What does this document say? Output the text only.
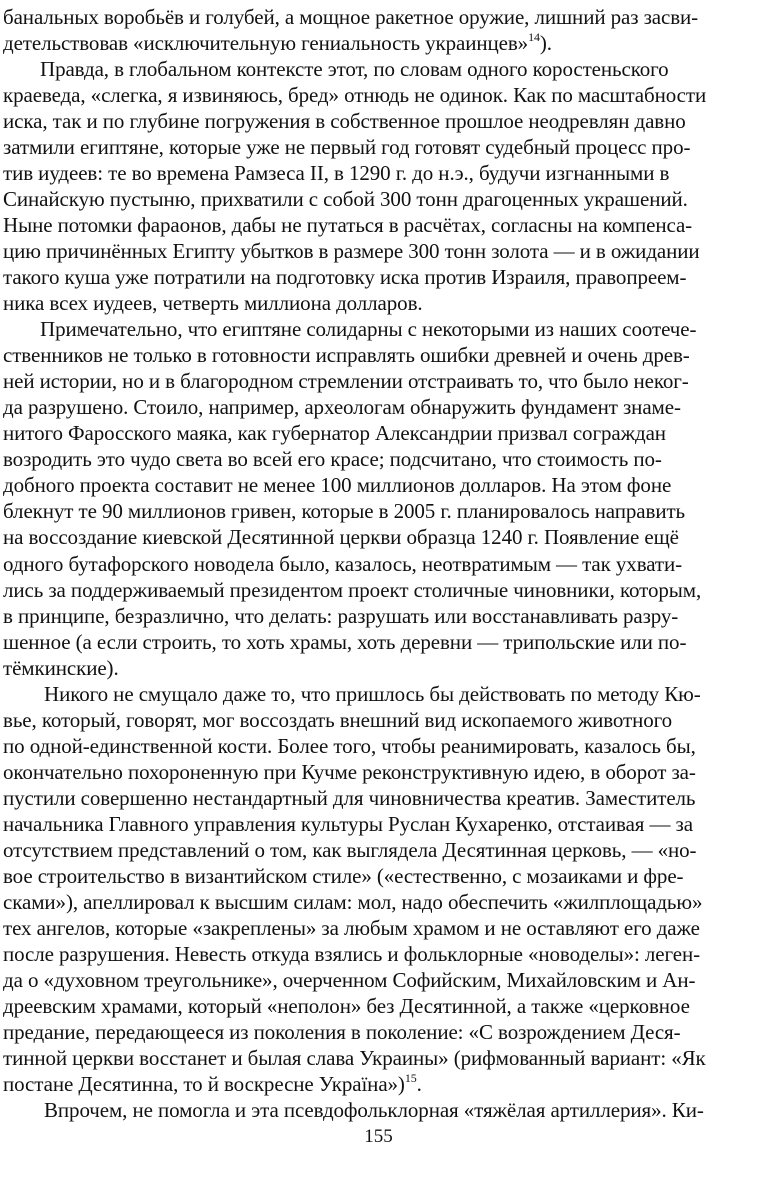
банальных воробьёв и голубей, а мощное ракетное оружие, лишний раз засви-
детельствовав «исключительную гениальность украинцев»$^{14}$).
Правда, в глобальном контексте этот, по словам одного коростеньского
краеведа, «слегка, я извиняюсь, бред» отнюдь не одинок. Как по масштабности
иска, так и по глубине погружения в собственное прошлое неодревлян давно
затмили египтяне, которые уже не первый год готовят судебный процесс про-
тив иудеев: те во времена Рамзеса II, в 1290 г. до н.э., будучи изгнанными в
Синайскую пустыню, прихватили с собой 300 тонн драгоценных украшений.
Ныне потомки фараонов, дабы не путаться в расчётах, согласны на компенса-
цию причинённых Египту убытков в размере 300 тонн золота — и в ожидании
такого куша уже потратили на подготовку иска против Израиля, правопреем-
ника всех иудеев, четверть миллиона долларов.
Примечательно, что египтяне солидарны с некоторыми из наших соотече-
ственников не только в готовности исправлять ошибки древней и очень древ-
ней истории, но и в благородном стремлении отстраивать то, что было неког-
да разрушено. Стоило, например, археологам обнаружить фундамент знаме-
нитого Фаросского маяка, как губернатор Александрии призвал сограждан
возродить это чудо света во всей его красе; подсчитано, что стоимость по-
добного проекта составит не менее 100 миллионов долларов. На этом фоне
блекнут те 90 миллионов гривен, которые в 2005 г. планировалось направить
на воссоздание киевской Десятинной церкви образца 1240 г. Появление ещё
одного бутафорского новодела было, казалось, неотвратимым — так ухвати-
лись за поддерживаемый президентом проект столичные чиновники, которым,
в принципе, безразлично, что делать: разрушать или восстанавливать разру-
шенное (а если строить, то хоть храмы, хоть деревни — трипольские или по-
тёмкинские).
Никого не смущало даже то, что пришлось бы действовать по методу Кю-
вье, который, говорят, мог воссоздать внешний вид ископаемого животного
по одной-единственной кости. Более того, чтобы реанимировать, казалось бы,
окончательно похороненную при Кучме реконструктивную идею, в оборот за-
пустили совершенно нестандартный для чиновничества креатив. Заместитель
начальника Главного управления культуры Руслан Кухаренко, отстаивая — за
отсутствием представлений о том, как выглядела Десятинная церковь, — «но-
вое строительство в византийском стиле» («естественно, с мозаиками и фре-
сками»), апеллировал к высшим силам: мол, надо обеспечить «жилплощадью»
тех ангелов, которые «закреплены» за любым храмом и не оставляют его даже
после разрушения. Невесть откуда взялись и фольклорные «новоделы»: леген-
да о «духовном треугольнике», очерченном Софийским, Михайловским и Ан-
дреевским храмами, который «неполон» без Десятинной, а также «церковное
предание, передающееся из поколения в поколение: «С возрождением Деся-
тинной церкви восстанет и былая слава Украины» (рифмованный вариант: «Як
постане Десятинна, то й воскресне Україна»)$^{15}$.
Впрочем, не помогла и эта псевдофольклорная «тяжёлая артиллерия». Ки-
155
